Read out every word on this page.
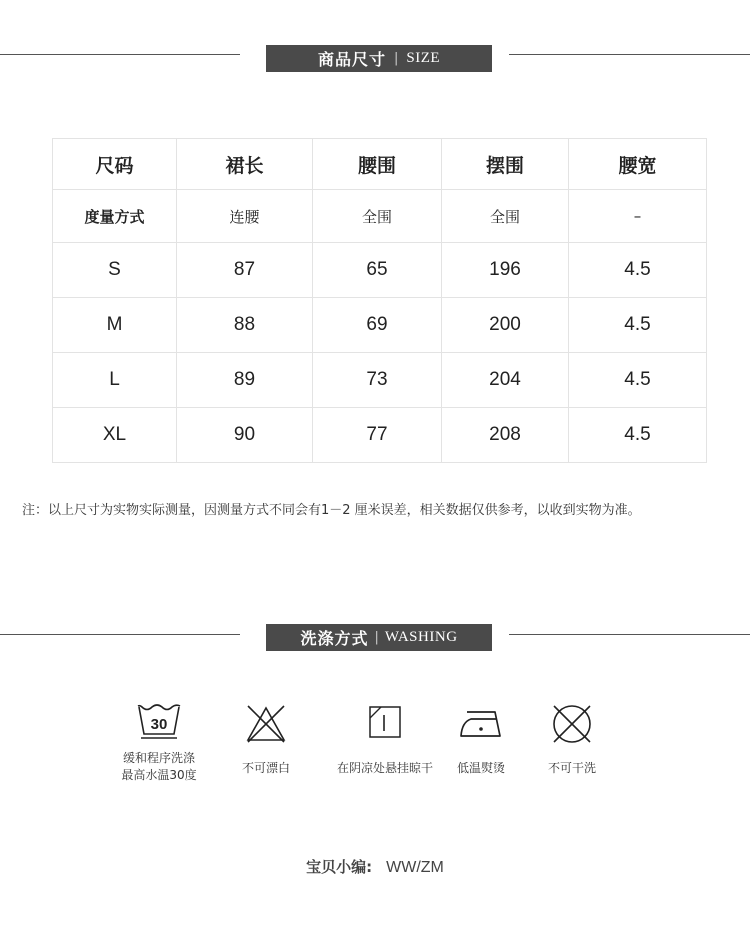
商品尺寸 | SIZE
尺码	裙长	腰围	摆围	腰宽
度量方式	连腰	全围	全围	–
S	87	65	196	4.5
M	88	69	200	4.5
L	89	73	204	4.5
XL	90	77	208	4.5
注：以上尺寸为实物实际测量，因测量方式不同会有1－2 厘米误差，相关数据仅供参考，以收到实物为准。
洗涤方式 | WASHING
30
缓和程序洗涤
最高水温30度	不可漂白	在阴凉处悬挂晾干	低温熨烫	不可干洗
宝贝小编: WW/ZM
